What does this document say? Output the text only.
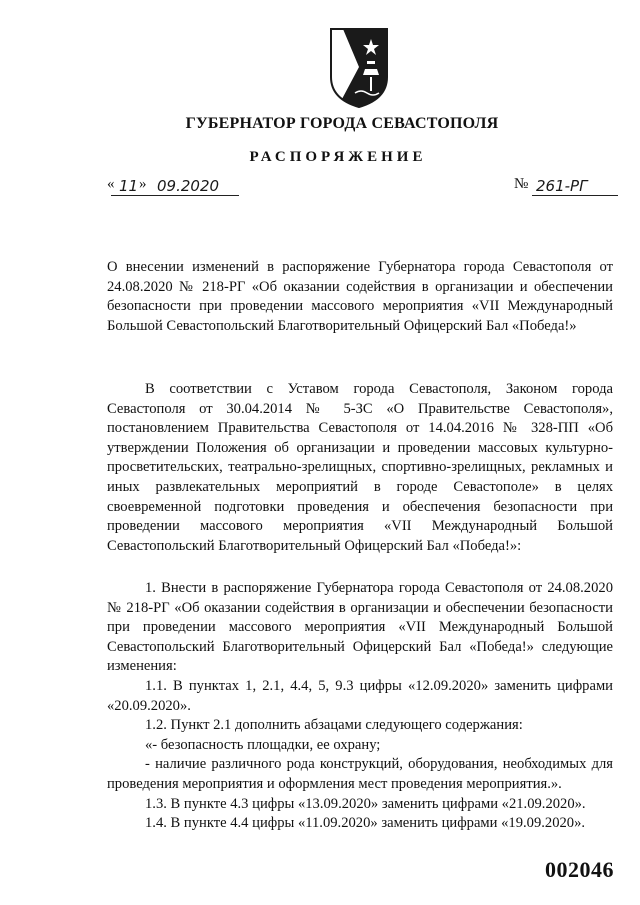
ГУБЕРНАТОР ГОРОДА СЕВАСТОПОЛЯ
РАСПОРЯЖЕНИЕ
« 11 » 09.2020	№ 261-РГ
О внесении изменений в распоряжение Губернатора города Севастополя от 24.08.2020 № 218-РГ «Об оказании содействия в организации и обеспечении безопасности при проведении массового мероприятия «VII Международный Большой Севастопольский Благотворительный Офицерский Бал «Победа!»
В соответствии с Уставом города Севастополя, Законом города Севастополя от 30.04.2014 № 5-ЗС «О Правительстве Севастополя», постановлением Правительства Севастополя от 14.04.2016 № 328-ПП «Об утверждении Положения об организации и проведении массовых культурно-просветительских, театрально-зрелищных, спортивно-зрелищных, рекламных и иных развлекательных мероприятий в городе Севастополе» в целях своевременной подготовки проведения и обеспечения безопасности при проведении массового мероприятия «VII Международный Большой Севастопольский Благотворительный Офицерский Бал «Победа!»:

1. Внести в распоряжение Губернатора города Севастополя от 24.08.2020 № 218-РГ «Об оказании содействия в организации и обеспечении безопасности при проведении массового мероприятия «VII Международный Большой Севастопольский Благотворительный Офицерский Бал «Победа!» следующие изменения:

1.1. В пунктах 1, 2.1, 4.4, 5, 9.3 цифры «12.09.2020» заменить цифрами «20.09.2020».

1.2. Пункт 2.1 дополнить абзацами следующего содержания:

«- безопасность площадки, ее охрану;

- наличие различного рода конструкций, оборудования, необходимых для проведения мероприятия и оформления мест проведения мероприятия.».

1.3. В пункте 4.3 цифры «13.09.2020» заменить цифрами «21.09.2020».

1.4. В пункте 4.4 цифры «11.09.2020» заменить цифрами «19.09.2020».

002046
